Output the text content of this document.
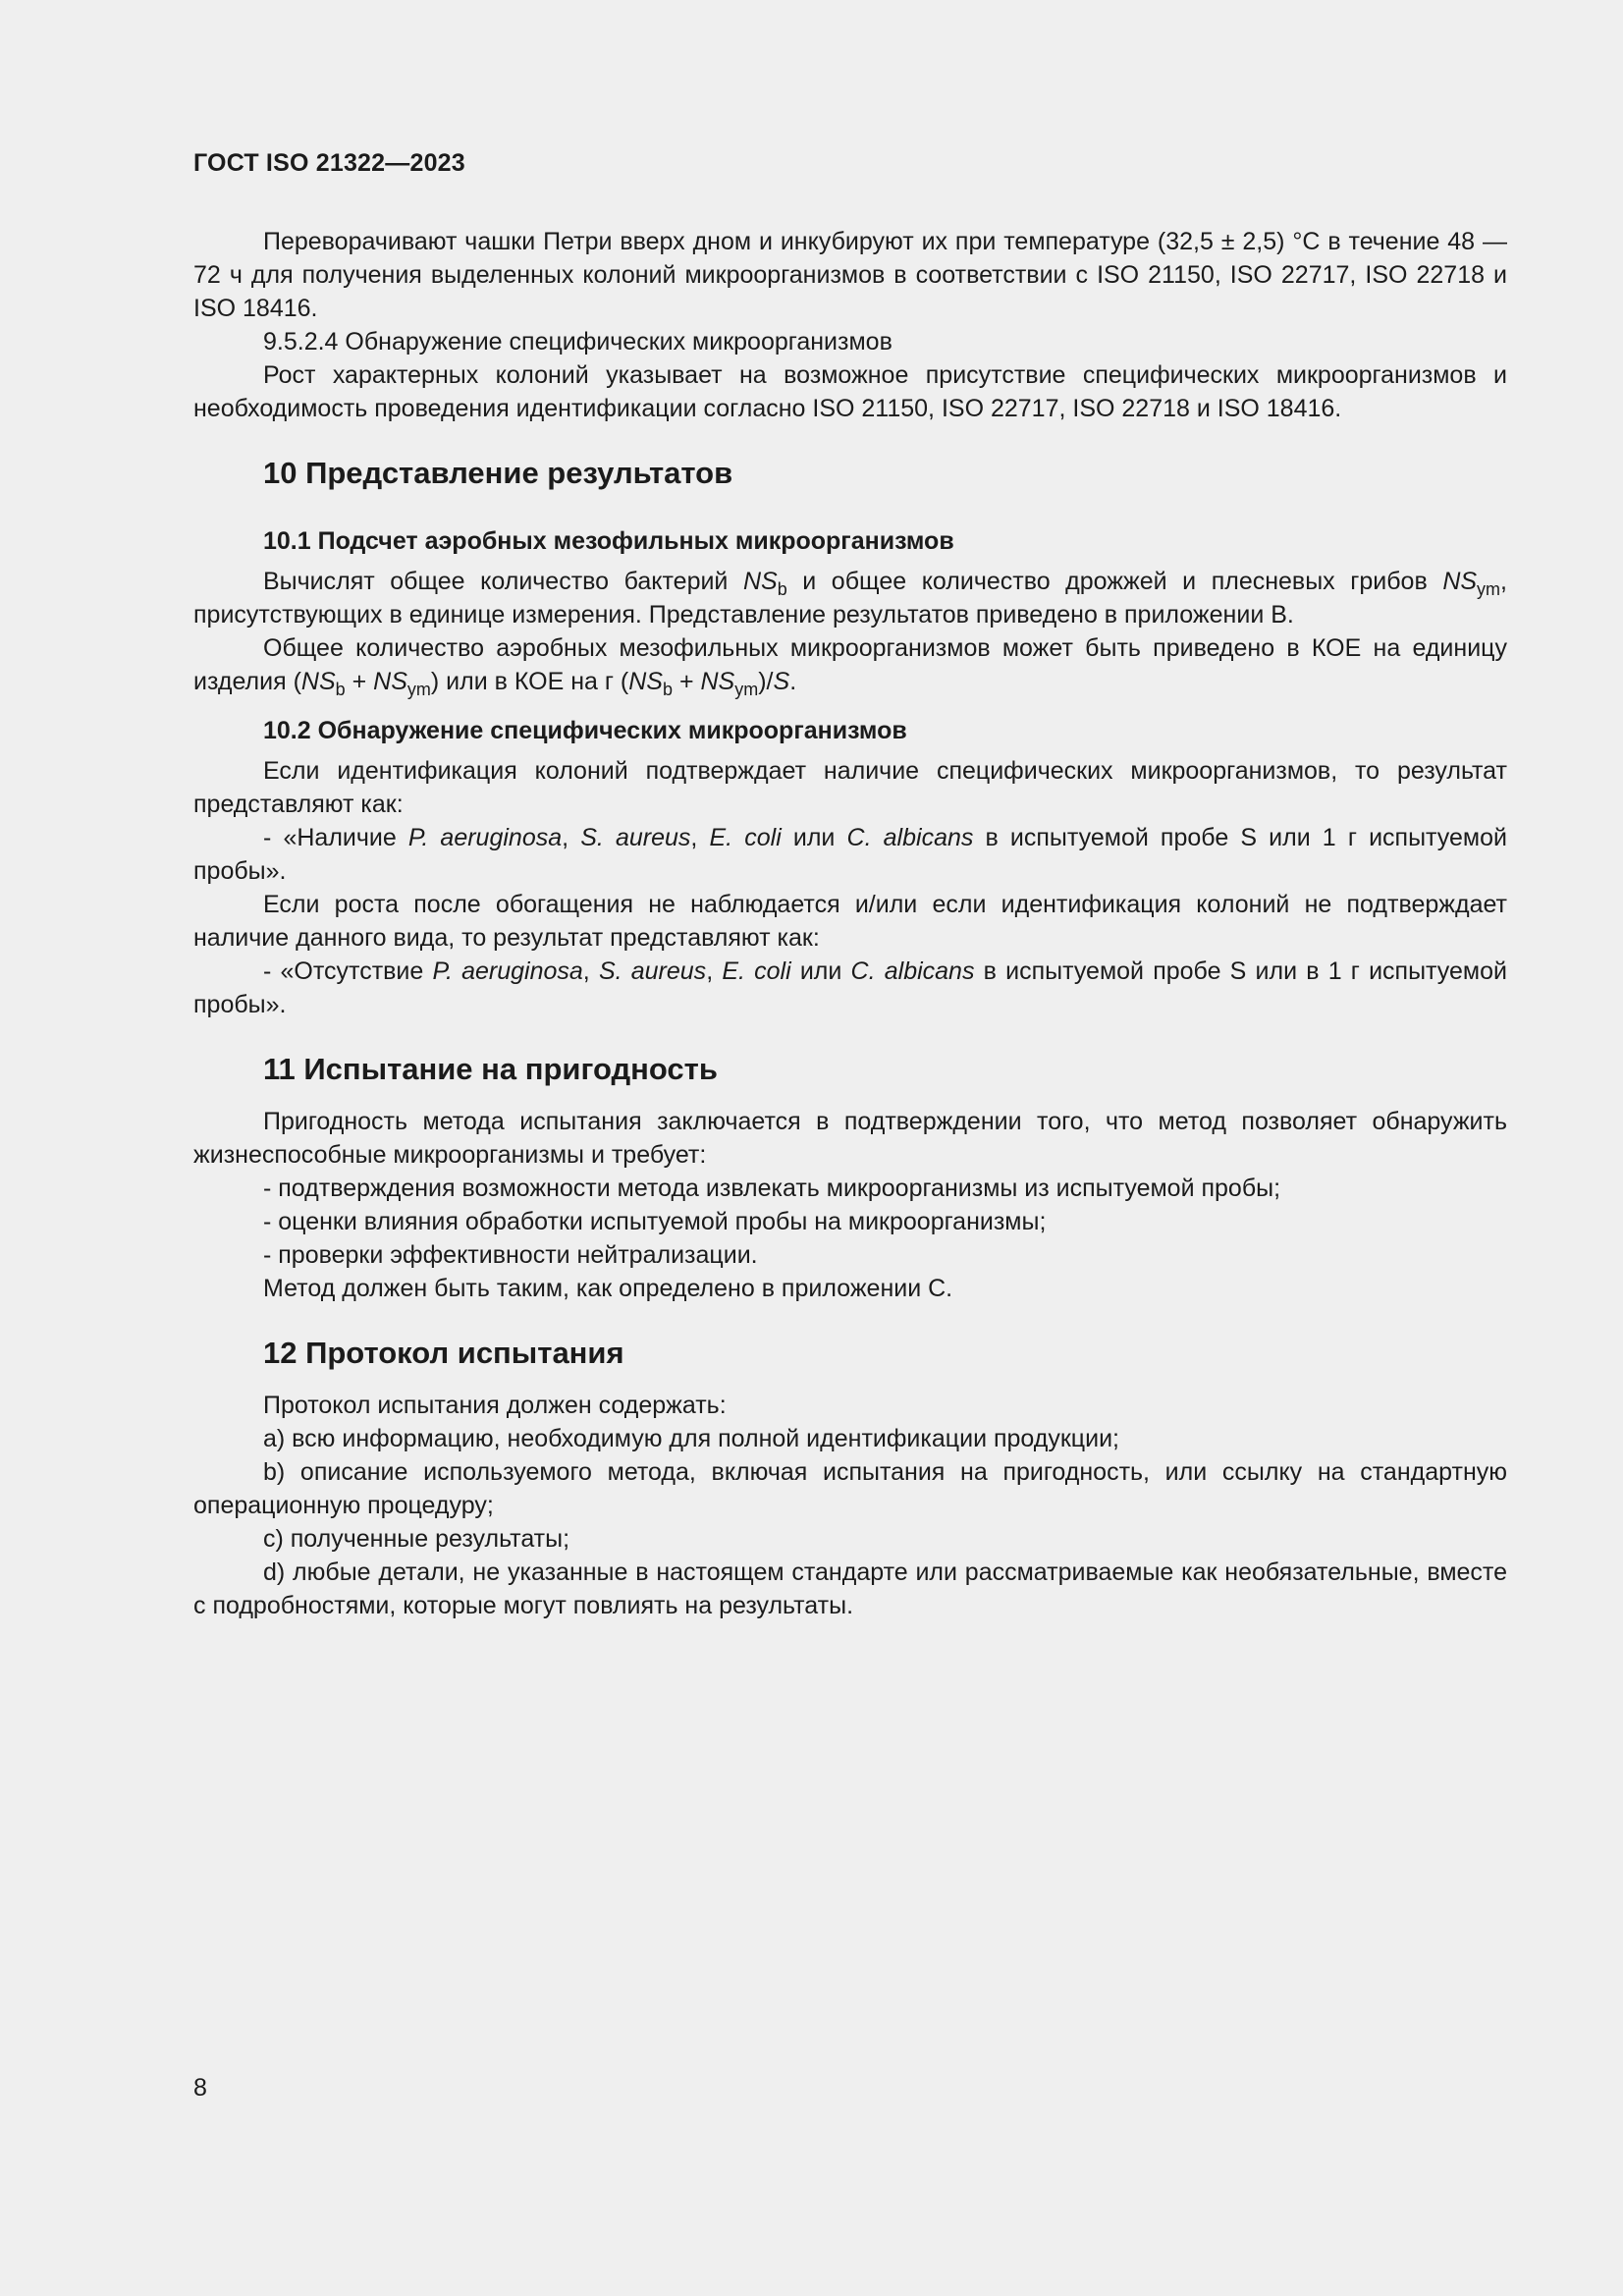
ГОСТ ISO 21322—2023

Переворачивают чашки Петри вверх дном и инкубируют их при температуре (32,5 ± 2,5) °С в течение 48 —72 ч для получения выделенных колоний микроорганизмов в соответствии с ISO 21150, ISO 22717, ISO 22718 и ISO 18416.

9.5.2.4 Обнаружение специфических микроорганизмов

Рост характерных колоний указывает на возможное присутствие специфических микроорганизмов и необходимость проведения идентификации согласно ISO 21150, ISO 22717, ISO 22718 и ISO 18416.

10 Представление результатов
10.1 Подсчет аэробных мезофильных микроорганизмов

Вычислят общее количество бактерий $NS_b$ и общее количество дрожжей и плесневых грибов $NS_{ym}$, присутствующих в единице измерения. Представление результатов приведено в приложении В.

Общее количество аэробных мезофильных микроорганизмов может быть приведено в КОЕ на единицу изделия $(NS_b + NS_{ym})$ или в КОЕ на г $(NS_b + NS_{ym})/S$.

10.2 Обнаружение специфических микроорганизмов

Если идентификация колоний подтверждает наличие специфических микроорганизмов, то результат представляют как:

- «Наличие P. aeruginosa, S. aureus, E. coli или C. albicans в испытуемой пробе S или 1 г испытуемой пробы».

Если роста после обогащения не наблюдается и/или если идентификация колоний не подтверждает наличие данного вида, то результат представляют как:

- «Отсутствие P. aeruginosa, S. aureus, E. coli или C. albicans в испытуемой пробе S или в 1 г испытуемой пробы».

11 Испытание на пригодность

Пригодность метода испытания заключается в подтверждении того, что метод позволяет обнаружить жизнеспособные микроорганизмы и требует:

- подтверждения возможности метода извлекать микроорганизмы из испытуемой пробы;

- оценки влияния обработки испытуемой пробы на микроорганизмы;

- проверки эффективности нейтрализации.

Метод должен быть таким, как определено в приложении С.

12 Протокол испытания

Протокол испытания должен содержать:

а) всю информацию, необходимую для полной идентификации продукции;

b) описание используемого метода, включая испытания на пригодность, или ссылку на стандартную операционную процедуру;

с) полученные результаты;

d) любые детали, не указанные в настоящем стандарте или рассматриваемые как необязательные, вместе с подробностями, которые могут повлиять на результаты.

8
